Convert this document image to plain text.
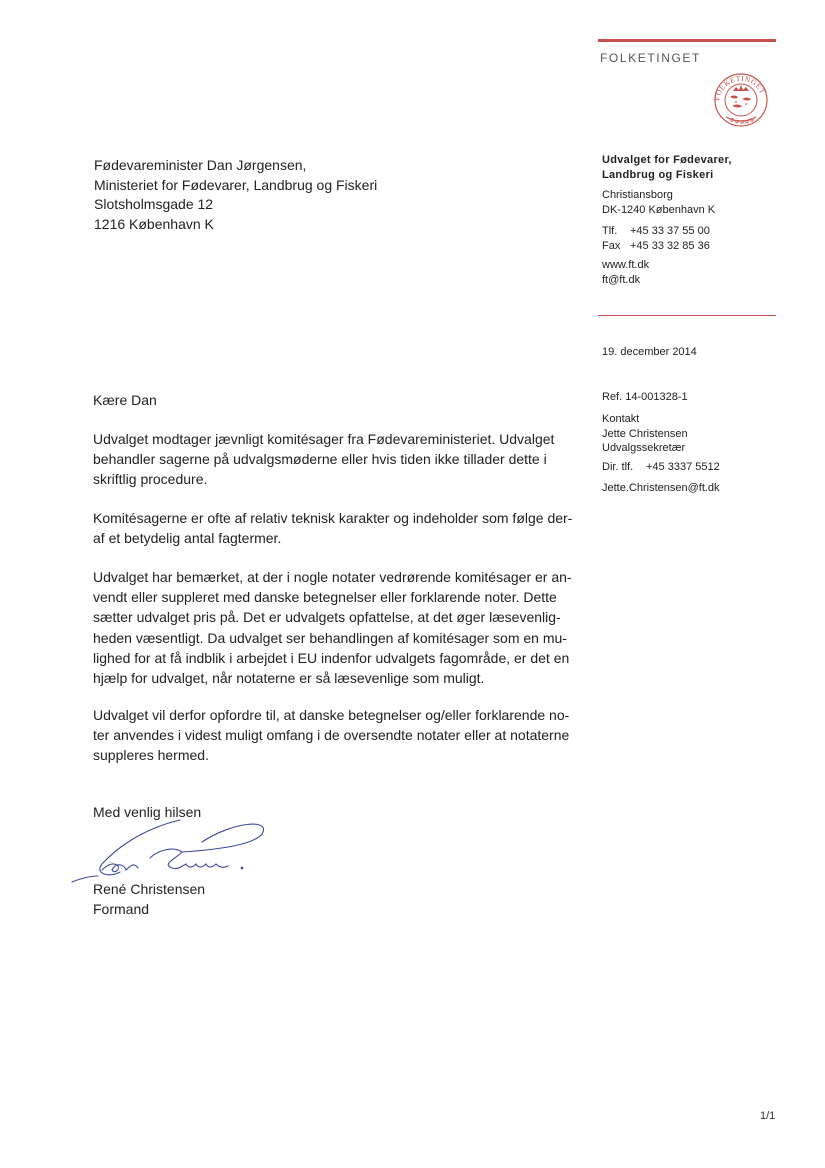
FOLKETINGET
FOLKETINGET
Fødevareminister Dan Jørgensen,
Ministeriet for Fødevarer, Landbrug og Fiskeri
Slotsholmsgade 12
1216 København K
Udvalget for Fødevarer,
Landbrug og Fiskeri
Christiansborg
DK-1240 København K
Tlf. +45 33 37 55 00
Fax +45 33 32 85 36
www.ft.dk
ft@ft.dk
19. december 2014
Ref. 14-001328-1
Kontakt
Jette Christensen
Udvalgssekretær
Dir. tlf. +45 3337 5512
Jette.Christensen@ft.dk
Kære Dan
Udvalget modtager jævnligt komitésager fra Fødevareministeriet. Udvalget
behandler sagerne på udvalgsmøderne eller hvis tiden ikke tillader dette i
skriftlig procedure.
Komitésagerne er ofte af relativ teknisk karakter og indeholder som følge der-
af et betydelig antal fagtermer.
Udvalget har bemærket, at der i nogle notater vedrørende komitésager er an-
vendt eller suppleret med danske betegnelser eller forklarende noter. Dette
sætter udvalget pris på. Det er udvalgets opfattelse, at det øger læsevenlig-
heden væsentligt. Da udvalget ser behandlingen af komitésager som en mu-
lighed for at få indblik i arbejdet i EU indenfor udvalgets fagområde, er det en
hjælp for udvalget, når notaterne er så læsevenlige som muligt.
Udvalget vil derfor opfordre til, at danske betegnelser og/eller forklarende no-
ter anvendes i videst muligt omfang i de oversendte notater eller at notaterne
suppleres hermed.
Med venlig hilsen
René Christensen
Formand
1/1
